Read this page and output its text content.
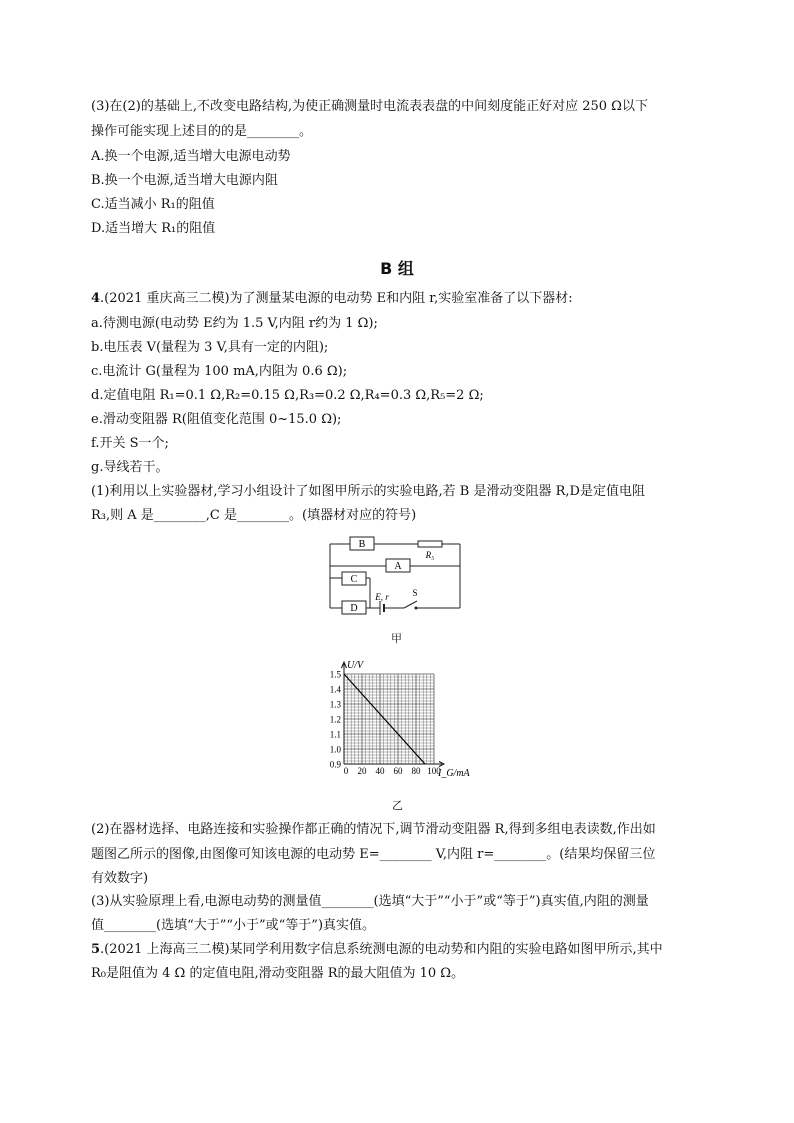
(3)在(2)的基础上,不改变电路结构,为使正确测量时电流表表盘的中间刻度能正好对应 250 Ω以下
操作可能实现上述目的的是________。
A.换一个电源,适当增大电源电动势
B.换一个电源,适当增大电源内阻
C.适当减小 R₁的阻值
D.适当增大 R₁的阻值
B 组
4.(2021 重庆高三二模)为了测量某电源的电动势 E和内阻 r,实验室准备了以下器材:
a.待测电源(电动势 E约为 1.5 V,内阻 r约为 1 Ω);
b.电压表 V(量程为 3 V,具有一定的内阻);
c.电流计 G(量程为 100 mA,内阻为 0.6 Ω);
d.定值电阻 R₁=0.1 Ω,R₂=0.15 Ω,R₃=0.2 Ω,R₄=0.3 Ω,R₅=2 Ω;
e.滑动变阻器 R(阻值变化范围 0~15.0 Ω);
f.开关 S一个;
g.导线若干。
(1)利用以上实验器材,学习小组设计了如图甲所示的实验电路,若 B 是滑动变阻器 R,D是定值电阻
R₃,则 A 是________,C 是________。(填器材对应的符号)
B
A
C
D
R₅
E, r	S
甲
0.9
1.0
1.1
1.2
1.3
1.4
1.5
0 20 40 60 80 100
U/V
I_G/mA
乙
(2)在器材选择、电路连接和实验操作都正确的情况下,调节滑动变阻器 R,得到多组电表读数,作出如
题图乙所示的图像,由图像可知该电源的电动势 E=________ V,内阻 r=________。(结果均保留三位
有效数字)
(3)从实验原理上看,电源电动势的测量值________(选填“大于”“小于”或“等于”)真实值,内阻的测量
值________(选填“大于”“小于”或“等于”)真实值。
5.(2021 上海高三二模)某同学利用数字信息系统测电源的电动势和内阻的实验电路如图甲所示,其中
R₀是阻值为 4 Ω 的定值电阻,滑动变阻器 R的最大阻值为 10 Ω。
